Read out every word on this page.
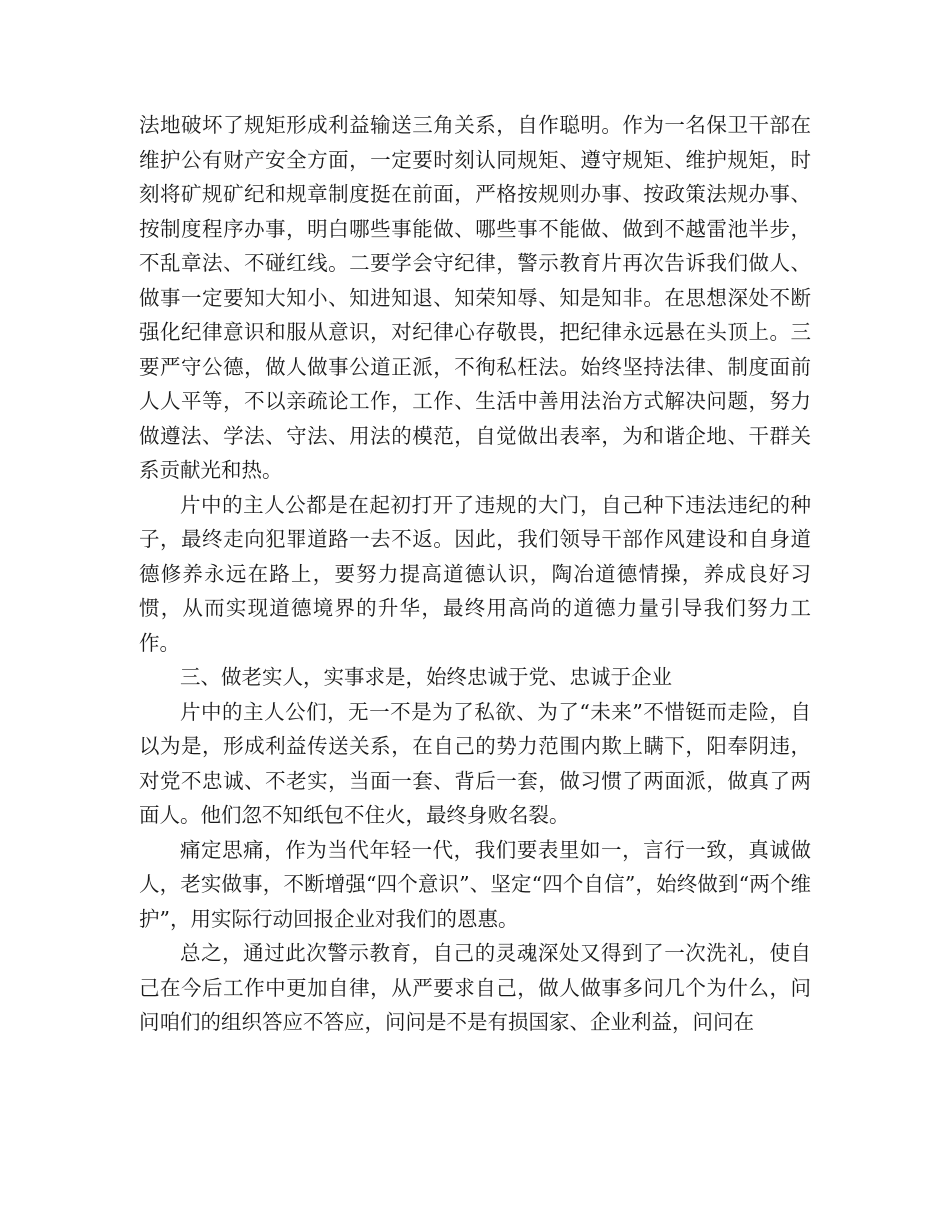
法地破坏了规矩形成利益输送三角关系，自作聪明。作为一名保卫干部在维护公有财产安全方面，一定要时刻认同规矩、遵守规矩、维护规矩，时刻将矿规矿纪和规章制度挺在前面，严格按规则办事、按政策法规办事、按制度程序办事，明白哪些事能做、哪些事不能做、做到不越雷池半步，不乱章法、不碰红线。二要学会守纪律，警示教育片再次告诉我们做人、做事一定要知大知小、知进知退、知荣知辱、知是知非。在思想深处不断强化纪律意识和服从意识，对纪律心存敬畏，把纪律永远悬在头顶上。三要严守公德，做人做事公道正派，不徇私枉法。始终坚持法律、制度面前人人平等，不以亲疏论工作，工作、生活中善用法治方式解决问题，努力做遵法、学法、守法、用法的模范，自觉做出表率，为和谐企地、干群关系贡献光和热。

片中的主人公都是在起初打开了违规的大门，自己种下违法违纪的种子，最终走向犯罪道路一去不返。因此，我们领导干部作风建设和自身道德修养永远在路上，要努力提高道德认识，陶冶道德情操，养成良好习惯，从而实现道德境界的升华，最终用高尚的道德力量引导我们努力工作。

三、做老实人，实事求是，始终忠诚于党、忠诚于企业

片中的主人公们，无一不是为了私欲、为了“未来”不惜铤而走险，自以为是，形成利益传送关系，在自己的势力范围内欺上瞒下，阳奉阴违，对党不忠诚、不老实，当面一套、背后一套，做习惯了两面派，做真了两面人。他们忽不知纸包不住火，最终身败名裂。

痛定思痛，作为当代年轻一代，我们要表里如一，言行一致，真诚做人，老实做事，不断增强“四个意识”、坚定“四个自信”，始终做到“两个维护”，用实际行动回报企业对我们的恩惠。

总之，通过此次警示教育，自己的灵魂深处又得到了一次洗礼，使自己在今后工作中更加自律，从严要求自己，做人做事多问几个为什么，问问咱们的组织答应不答应，问问是不是有损国家、企业利益，问问在
